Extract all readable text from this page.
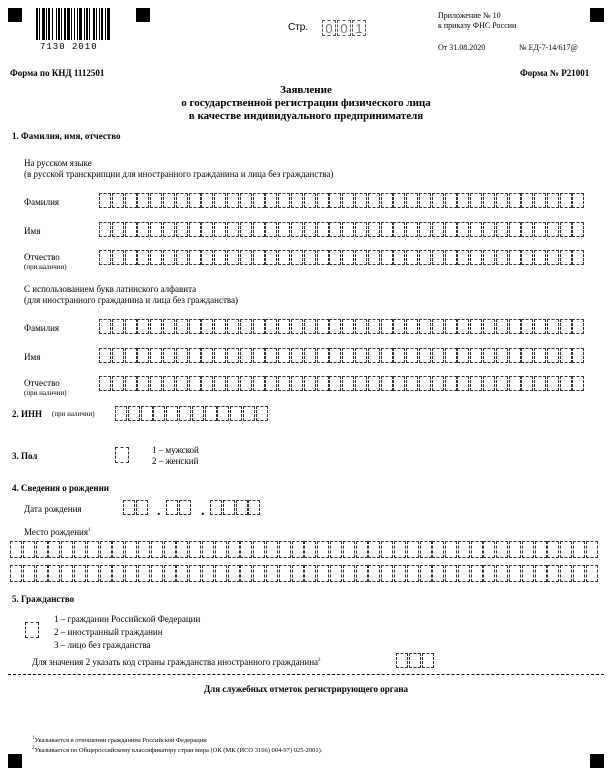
7130 2010
Стр. 0 0 1
Приложение № 10
к приказу ФНС России
От 31.08.2020	№ ЕД-7-14/617@
Форма по КНД 1112501	Форма № Р21001
Заявление
о государственной регистрации физического лица
в качестве индивидуального предпринимателя
1. Фамилия, имя, отчество
На русском языке
(в русской транскрипции для иностранного гражданина и лица без гражданства)
Фамилия
Имя
Отчество
(при наличии)
С использованием букв латинского алфавита
(для иностранного гражданина и лица без гражданства)
Фамилия
Имя
Отчество
(при наличии)
2. ИНН (при наличии)
3. Пол
1 – мужской
2 – женский
4. Сведения о рождении
Дата рождения	.	.
Место рождения$^1$
5. Гражданство
1 – гражданин Российской Федерации
2 – иностранный гражданин
3 – лицо без гражданства
Для значения 2 указать код страны гражданства иностранного гражданина$^2$
Для служебных отметок регистрирующего органа
$^1$Указывается в отношении гражданина Российской Федерации
$^2$Указывается по Общероссийскому классификатору стран мира (ОК (МК (ИСО 3166) 004-97) 025-2001).
